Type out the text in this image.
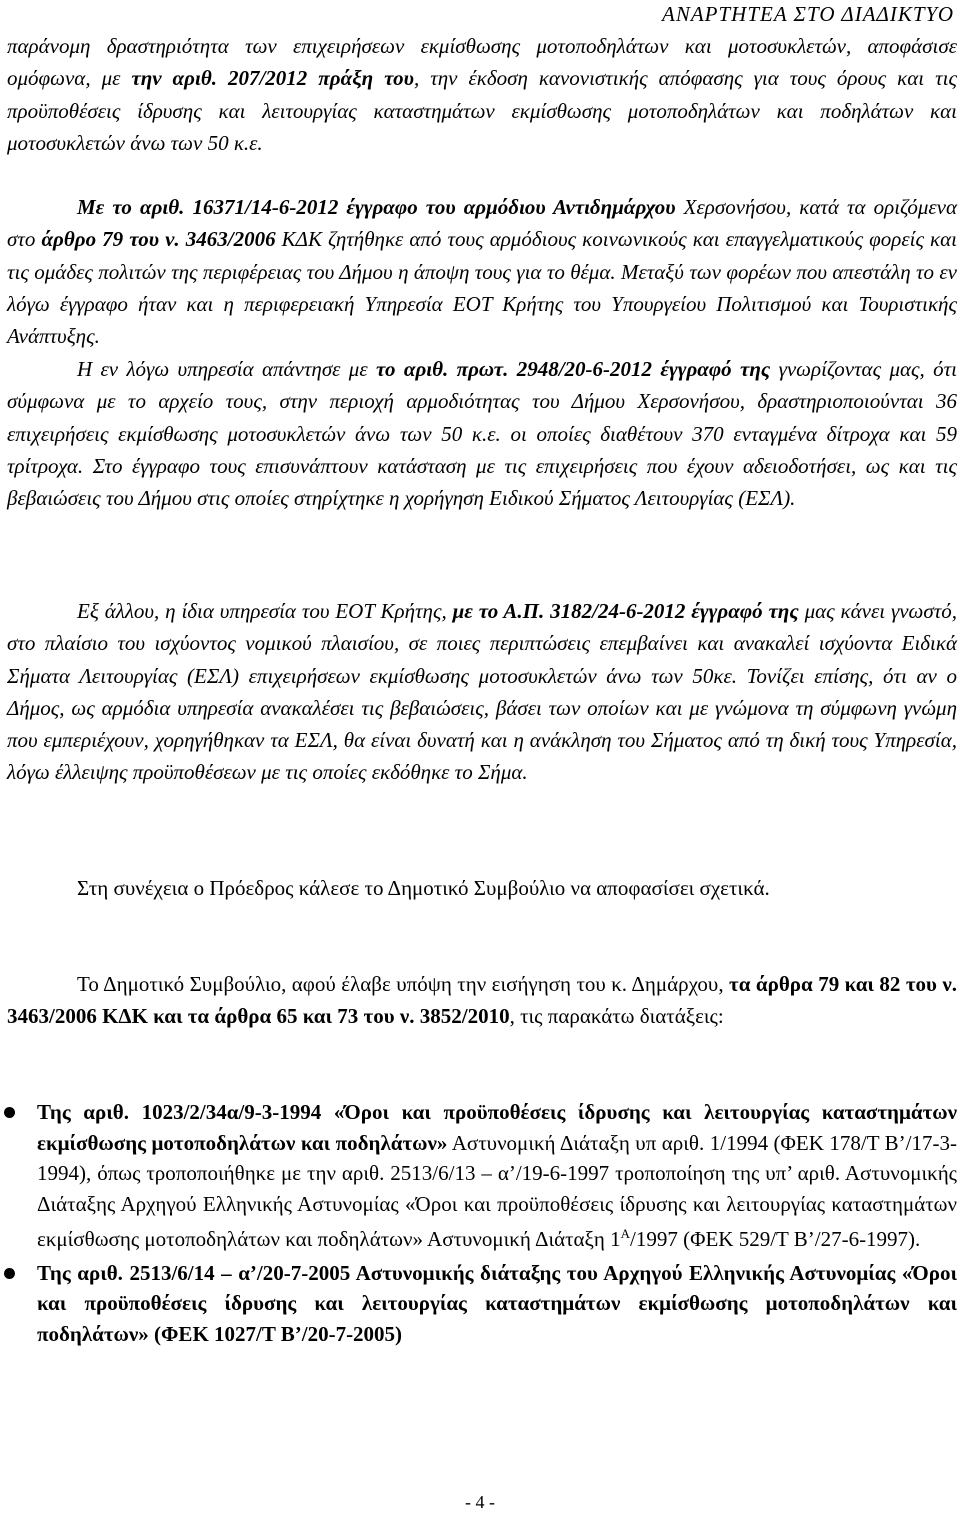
ΑΝΑΡΤΗΤΕΑ ΣΤΟ ΔΙΑΔΙΚΤΥΟ

παράνομη δραστηριότητα των επιχειρήσεων εκμίσθωσης μοτοποδηλάτων και μοτοσυκλετών, αποφάσισε ομόφωνα, με την αριθ. 207/2012 πράξη του, την έκδοση κανονιστικής απόφασης για τους όρους και τις προϋποθέσεις ίδρυσης και λειτουργίας καταστημάτων εκμίσθωσης μοτοποδηλάτων και ποδηλάτων και μοτοσυκλετών άνω των 50 κ.ε.

Με το αριθ. 16371/14-6-2012 έγγραφο του αρμόδιου Αντιδημάρχου Χερσονήσου, κατά τα οριζόμενα στο άρθρο 79 του ν. 3463/2006 ΚΔΚ ζητήθηκε από τους αρμόδιους κοινωνικούς και επαγγελματικούς φορείς και τις ομάδες πολιτών της περιφέρειας του Δήμου η άποψη τους για το θέμα. Μεταξύ των φορέων που απεστάλη το εν λόγω έγγραφο ήταν και η περιφερειακή Υπηρεσία ΕΟΤ Κρήτης του Υπουργείου Πολιτισμού και Τουριστικής Ανάπτυξης.

Η εν λόγω υπηρεσία απάντησε με το αριθ. πρωτ. 2948/20-6-2012 έγγραφό της γνωρίζοντας μας, ότι σύμφωνα με το αρχείο τους, στην περιοχή αρμοδιότητας του Δήμου Χερσονήσου, δραστηριοποιούνται 36 επιχειρήσεις εκμίσθωσης μοτοσυκλετών άνω των 50 κ.ε. οι οποίες διαθέτουν 370 ενταγμένα δίτροχα και 59 τρίτροχα. Στο έγγραφο τους επισυνάπτουν κατάσταση με τις επιχειρήσεις που έχουν αδειοδοτήσει, ως και τις βεβαιώσεις του Δήμου στις οποίες στηρίχτηκε η χορήγηση Ειδικού Σήματος Λειτουργίας (ΕΣΛ).

Εξ άλλου, η ίδια υπηρεσία του ΕΟΤ Κρήτης, με το Α.Π. 3182/24-6-2012 έγγραφό της μας κάνει γνωστό, στο πλαίσιο του ισχύοντος νομικού πλαισίου, σε ποιες περιπτώσεις επεμβαίνει και ανακαλεί ισχύοντα Ειδικά Σήματα Λειτουργίας (ΕΣΛ) επιχειρήσεων εκμίσθωσης μοτοσυκλετών άνω των 50κε. Τονίζει επίσης, ότι αν ο Δήμος, ως αρμόδια υπηρεσία ανακαλέσει τις βεβαιώσεις, βάσει των οποίων και με γνώμονα τη σύμφωνη γνώμη που εμπεριέχουν, χορηγήθηκαν τα ΕΣΛ, θα είναι δυνατή και η ανάκληση του Σήματος από τη δική τους Υπηρεσία, λόγω έλλειψης προϋποθέσεων με τις οποίες εκδόθηκε το Σήμα.

Στη συνέχεια ο Πρόεδρος κάλεσε το Δημοτικό Συμβούλιο να αποφασίσει σχετικά.

Το Δημοτικό Συμβούλιο, αφού έλαβε υπόψη την εισήγηση του κ. Δημάρχου, τα άρθρα 79 και 82 του ν. 3463/2006 ΚΔΚ και τα άρθρα 65 και 73 του ν. 3852/2010, τις παρακάτω διατάξεις:

Της αριθ. 1023/2/34α/9-3-1994 «Όροι και προϋποθέσεις ίδρυσης και λειτουργίας καταστημάτων εκμίσθωσης μοτοποδηλάτων και ποδηλάτων» Αστυνομική Διάταξη υπ αριθ. 1/1994 (ΦΕΚ 178/Τ Β’/17-3-1994), όπως τροποποιήθηκε με την αριθ. 2513/6/13 – α’/19-6-1997 τροποποίηση της υπ’ αριθ. Αστυνομικής Διάταξης Αρχηγού Ελληνικής Αστυνομίας «Όροι και προϋποθέσεις ίδρυσης και λειτουργίας καταστημάτων εκμίσθωσης μοτοποδηλάτων και ποδηλάτων» Αστυνομική Διάταξη $1^A/1997$ (ΦΕΚ 529/Τ Β’/27-6-1997).
Της αριθ. 2513/6/14 – α’/20-7-2005 Αστυνομικής διάταξης του Αρχηγού Ελληνικής Αστυνομίας «Όροι και προϋποθέσεις ίδρυσης και λειτουργίας καταστημάτων εκμίσθωσης μοτοποδηλάτων και ποδηλάτων» (ΦΕΚ 1027/Τ Β’/20-7-2005)
- 4 -
